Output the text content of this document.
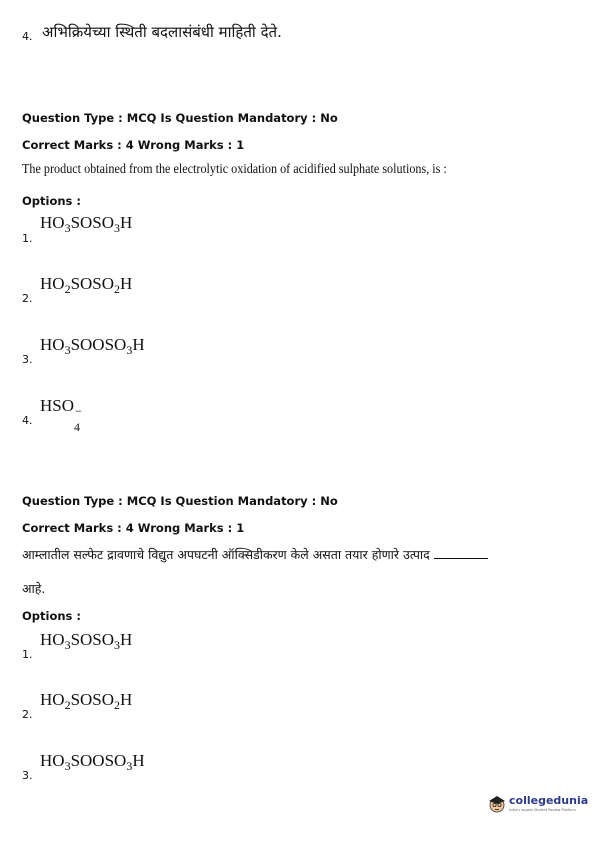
4. अभिक्रियेच्या स्थिती बदलासंबंधी माहिती देते.
Question Type : MCQ Is Question Mandatory : No
Correct Marks : 4 Wrong Marks : 1
The product obtained from the electrolytic oxidation of acidified sulphate solutions, is :
Options :
1.
$HO_3SOSO_3H$
2.
$HO_2SOSO_2H$
3.
$HO_3SOOSO_3H$
4.
HSO −
4
Question Type : MCQ Is Question Mandatory : No
Correct Marks : 4 Wrong Marks : 1
आम्लातील सल्फेट द्रावणाचे विद्युत अपघटनी ऑक्सिडीकरण केले असता तयार होणारे उत्पाद
आहे.
Options :
1.
$HO_3SOSO_3H$
2.
$HO_2SOSO_2H$
3.
$HO_3SOOSO_3H$
collegedunia
India's largest Student Review Platform
